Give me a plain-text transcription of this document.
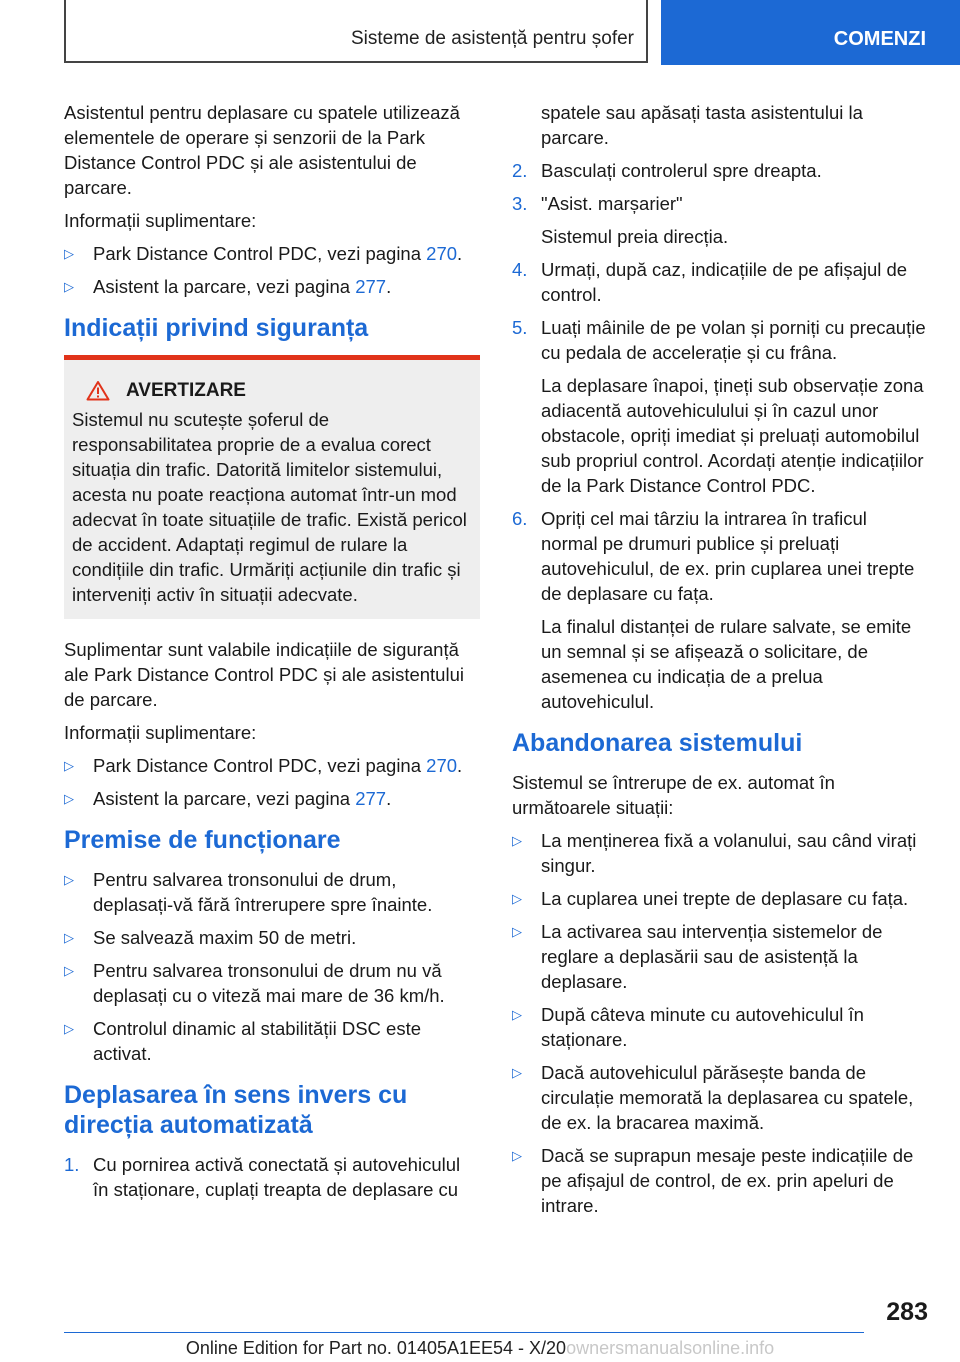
Sisteme de asistență pentru șofer	COMENZI

Asistentul pentru deplasare cu spatele utilizează elementele de operare și senzorii de la Park Distance Control PDC și ale asistentului de parcare.

Informații suplimentare:

▷ Park Distance Control PDC, vezi pagina 270.
▷ Asistent la parcare, vezi pagina 277.
Indicații privind siguranța
AVERTIZARE
Sistemul nu scutește șoferul de responsabilitatea proprie de a evalua corect situația din trafic. Datorită limitelor sistemului, acesta nu poate reacționa automat într-un mod adecvat în toate situațiile de trafic. Există pericol de accident. Adaptați regimul de rulare la condițiile din trafic. Urmăriți acțiunile din trafic și interveniți activ în situații adecvate.

Suplimentar sunt valabile indicațiile de siguranță ale Park Distance Control PDC și ale asistentului de parcare.

Informații suplimentare:

▷ Park Distance Control PDC, vezi pagina 270.
▷ Asistent la parcare, vezi pagina 277.
Premise de funcționare
▷ Pentru salvarea tronsonului de drum, deplasați-vă fără întrerupere spre înainte.
▷ Se salvează maxim 50 de metri.
▷ Pentru salvarea tronsonului de drum nu vă deplasați cu o viteză mai mare de 36 km/h.
▷ Controlul dinamic al stabilității DSC este activat.
Deplasarea în sens invers cu direcția automatizată
1. Cu pornirea activă conectată și autovehiculul în staționare, cuplați treapta de deplasare cu
spatele sau apăsați tasta asistentului la parcare.
2. Basculați controlerul spre dreapta.
3. "Asist. marșarier"
Sistemul preia direcția.
4. Urmați, după caz, indicațiile de pe afișajul de control.
5. Luați mâinile de pe volan și porniți cu precauție cu pedala de accelerație și cu frâna.
La deplasare înapoi, țineți sub observație zona adiacentă autovehiculului și în cazul unor obstacole, opriți imediat și preluați automobilul sub propriul control. Acordați atenție indicațiilor de la Park Distance Control PDC.
6. Opriți cel mai târziu la intrarea în traficul normal pe drumuri publice și preluați autovehiculul, de ex. prin cuplarea unei trepte de deplasare cu fața.
La finalul distanței de rulare salvate, se emite un semnal și se afișează o solicitare, de asemenea cu indicația de a prelua autovehiculul.
Abandonarea sistemului

Sistemul se întrerupe de ex. automat în următoarele situații:

▷ La menținerea fixă a volanului, sau când virați singur.
▷ La cuplarea unei trepte de deplasare cu fața.
▷ La activarea sau intervenția sistemelor de reglare a deplasării sau de asistență la deplasare.
▷ După câteva minute cu autovehiculul în staționare.
▷ Dacă autovehiculul părăsește banda de circulație memorată la deplasarea cu spatele, de ex. la bracarea maximă.
▷ Dacă se suprapun mesaje peste indicațiile de pe afișajul de control, de ex. prin apeluri de intrare.
283
Online Edition for Part no. 01405A1EE54 - X/20ownersmanualsonline.info
